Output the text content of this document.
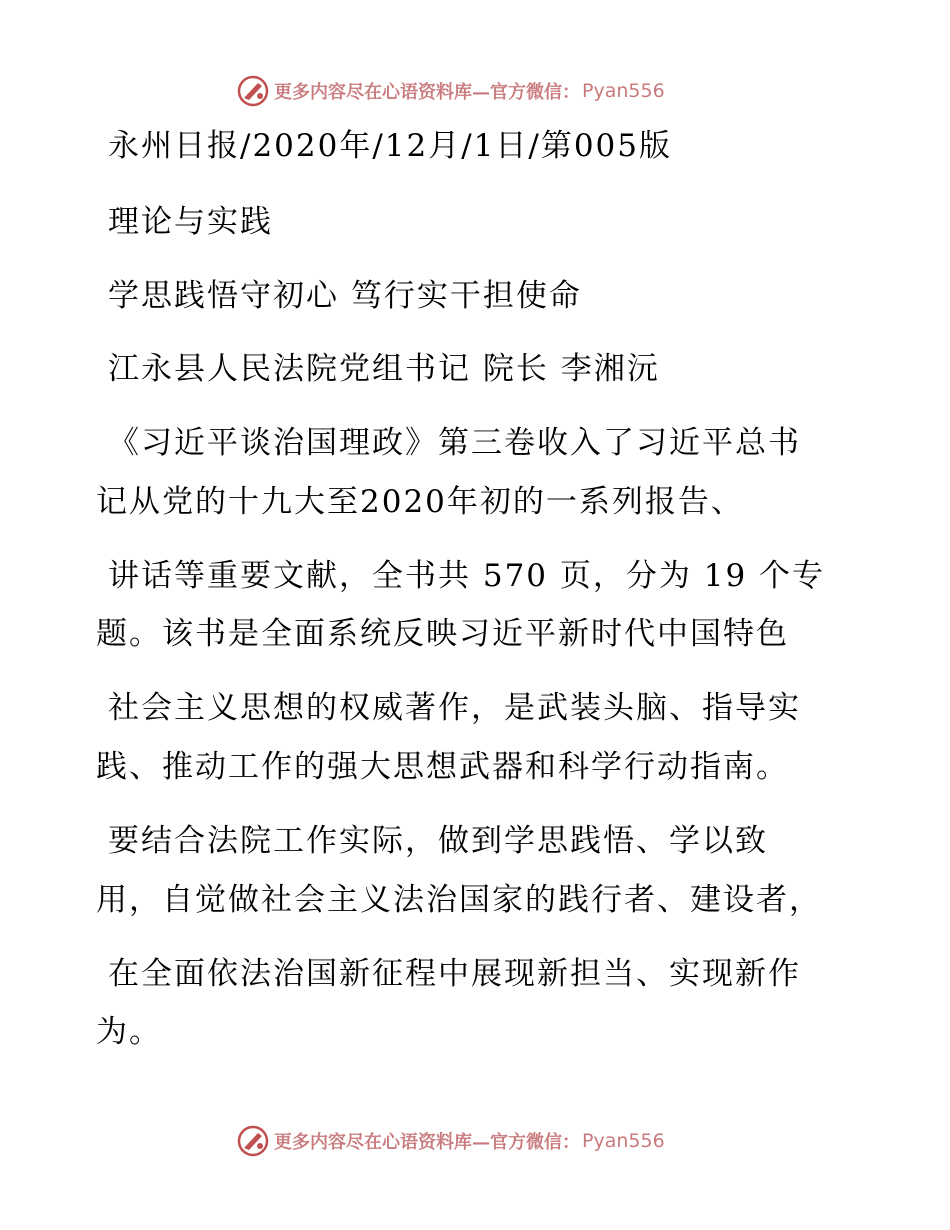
更多内容尽在心语资料库—官方微信： Pyan556
永州日报/2020年/12月/1日/第005版
理论与实践
学思践悟守初心 笃行实干担使命
江永县人民法院党组书记 院长 李湘沅
《习近平谈治国理政》第三卷收入了习近平总书
记从党的十九大至2020年初的一系列报告、
讲话等重要文献，全书共 570 页，分为 19 个专
题。该书是全面系统反映习近平新时代中国特色
社会主义思想的权威著作，是武装头脑、指导实
践、推动工作的强大思想武器和科学行动指南。
要结合法院工作实际，做到学思践悟、学以致
用，自觉做社会主义法治国家的践行者、建设者，
在全面依法治国新征程中展现新担当、实现新作
为。
更多内容尽在心语资料库—官方微信： Pyan556
